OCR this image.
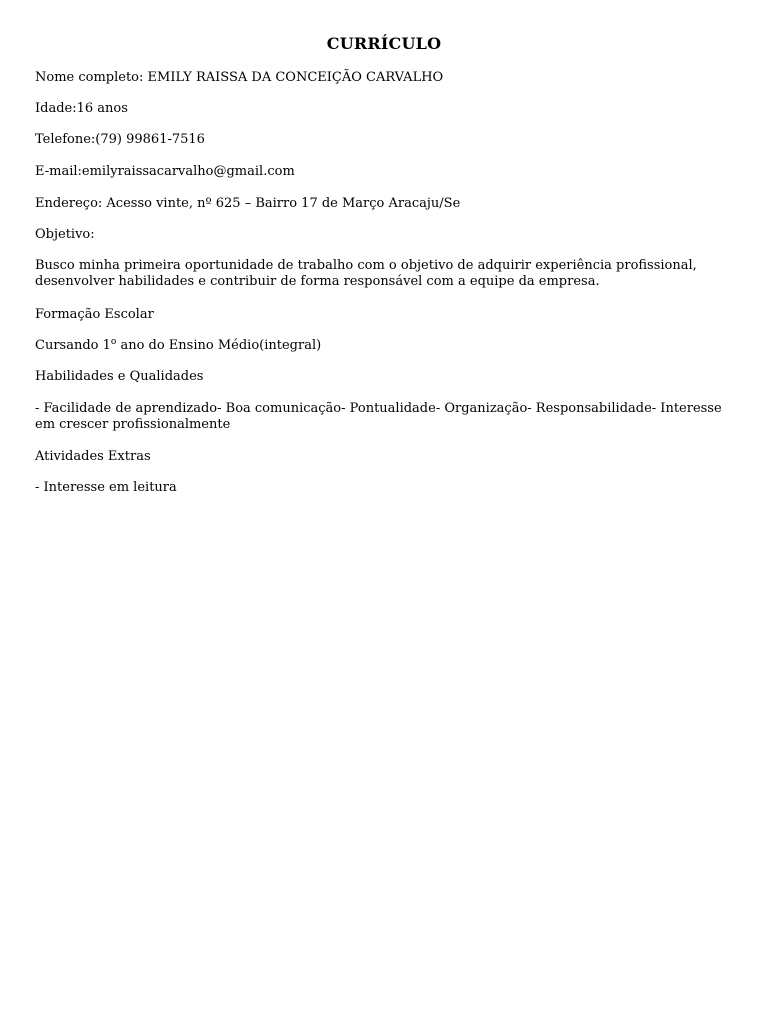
CURRÍCULO
Nome completo: EMILY RAISSA DA CONCEIÇÃO CARVALHO
Idade:16 anos
Telefone:(79) 99861-7516
E-mail:emilyraissacarvalho@gmail.com
Endereço: Acesso vinte, nº 625 – Bairro 17 de Março Aracaju/Se
Objetivo:
Busco minha primeira oportunidade de trabalho com o objetivo de adquirir experiência profissional, desenvolver habilidades e contribuir de forma responsável com a equipe da empresa.
Formação Escolar
Cursando 1$^o$ ano do Ensino Médio(integral)
Habilidades e Qualidades
- Facilidade de aprendizado- Boa comunicação- Pontualidade- Organização- Responsabilidade- Interesse em crescer profissionalmente
Atividades Extras
- Interesse em leitura
